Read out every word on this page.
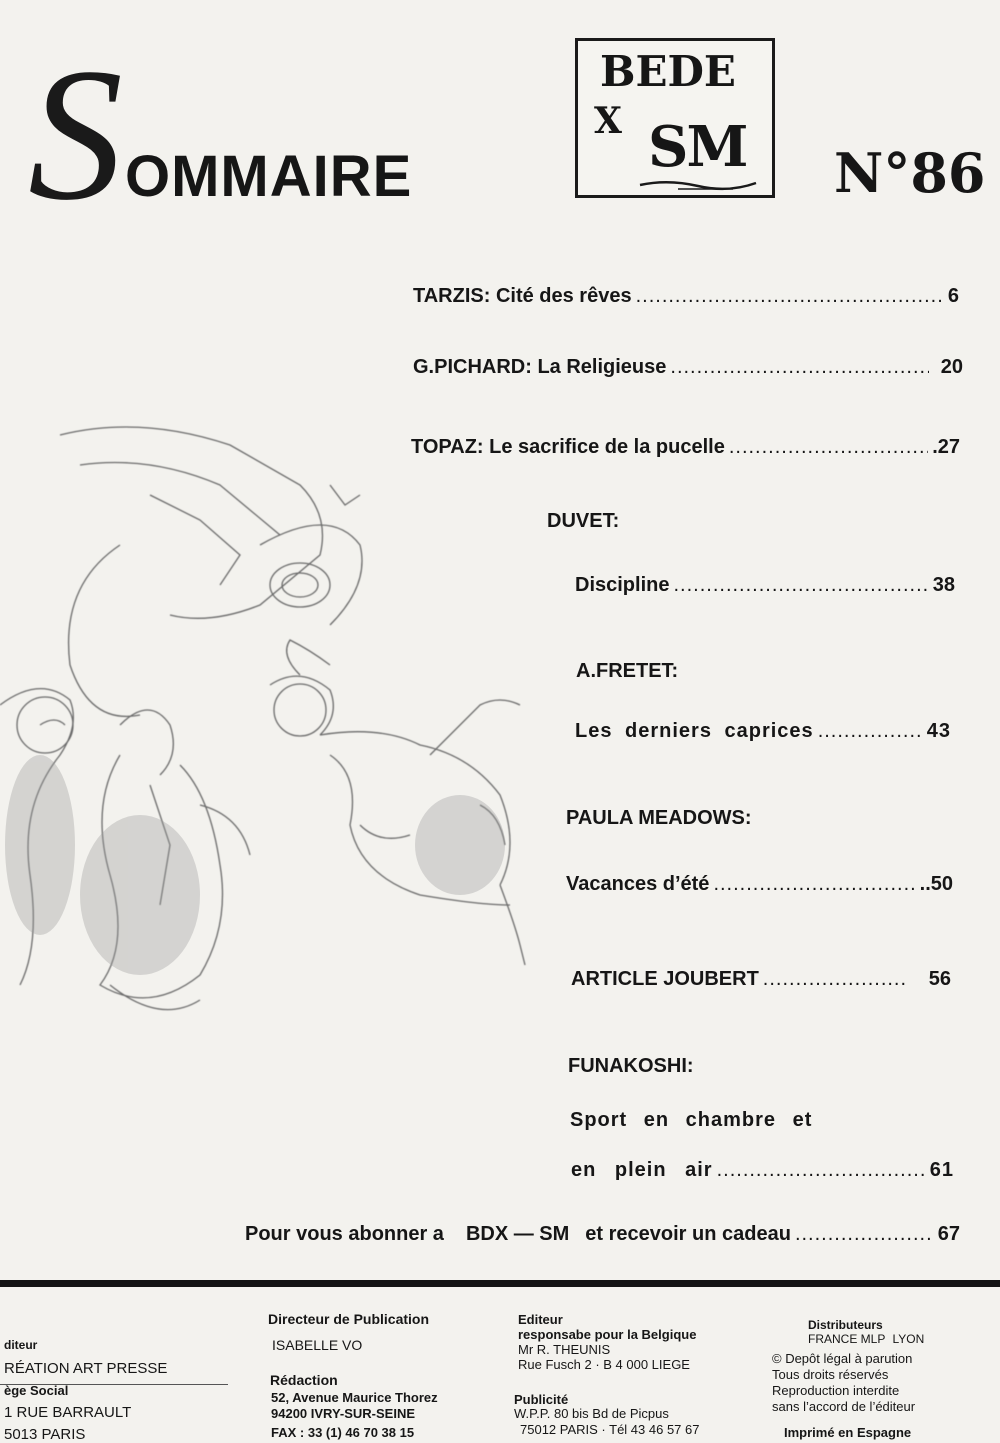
S OMMAIRE
BEDE
X SM N°86
TARZIS: Cité des rêves .....	6
G.PICHARD: La Religieuse .....	20
TOPAZ: Le sacrifice de la pucelle .....	.27
DUVET:
Discipline .....	38
A.FRETET:
Les derniers caprices .....	43
PAULA MEADOWS:
Vacances d’été .....	..50
ARTICLE JOUBERT .....	56
FUNAKOSHI:
Sport en chambre et
en plein air .....	61
Pour vous abonner a BDX — SM et recevoir un cadeau .....	67
diteur
RÉATION ART PRESSE
ège Social
1 RUE BARRAULT
5013 PARIS
Directeur de Publication
ISABELLE VO
Rédaction
52, Avenue Maurice Thorez
94200 IVRY-SUR-SEINE
FAX : 33 (1) 46 70 38 15
Editeur
responsabe pour la Belgique
Mr R. THEUNIS
Rue Fusch 2 · B 4 000 LIEGE
Publicité
W.P.P. 80 bis Bd de Picpus
75012 PARIS · Tél 43 46 57 67
Distributeurs
FRANCE MLP LYON
© Depôt légal à parution
Tous droits réservés
Reproduction interdite
sans l’accord de l’éditeur
Imprimé en Espagne
